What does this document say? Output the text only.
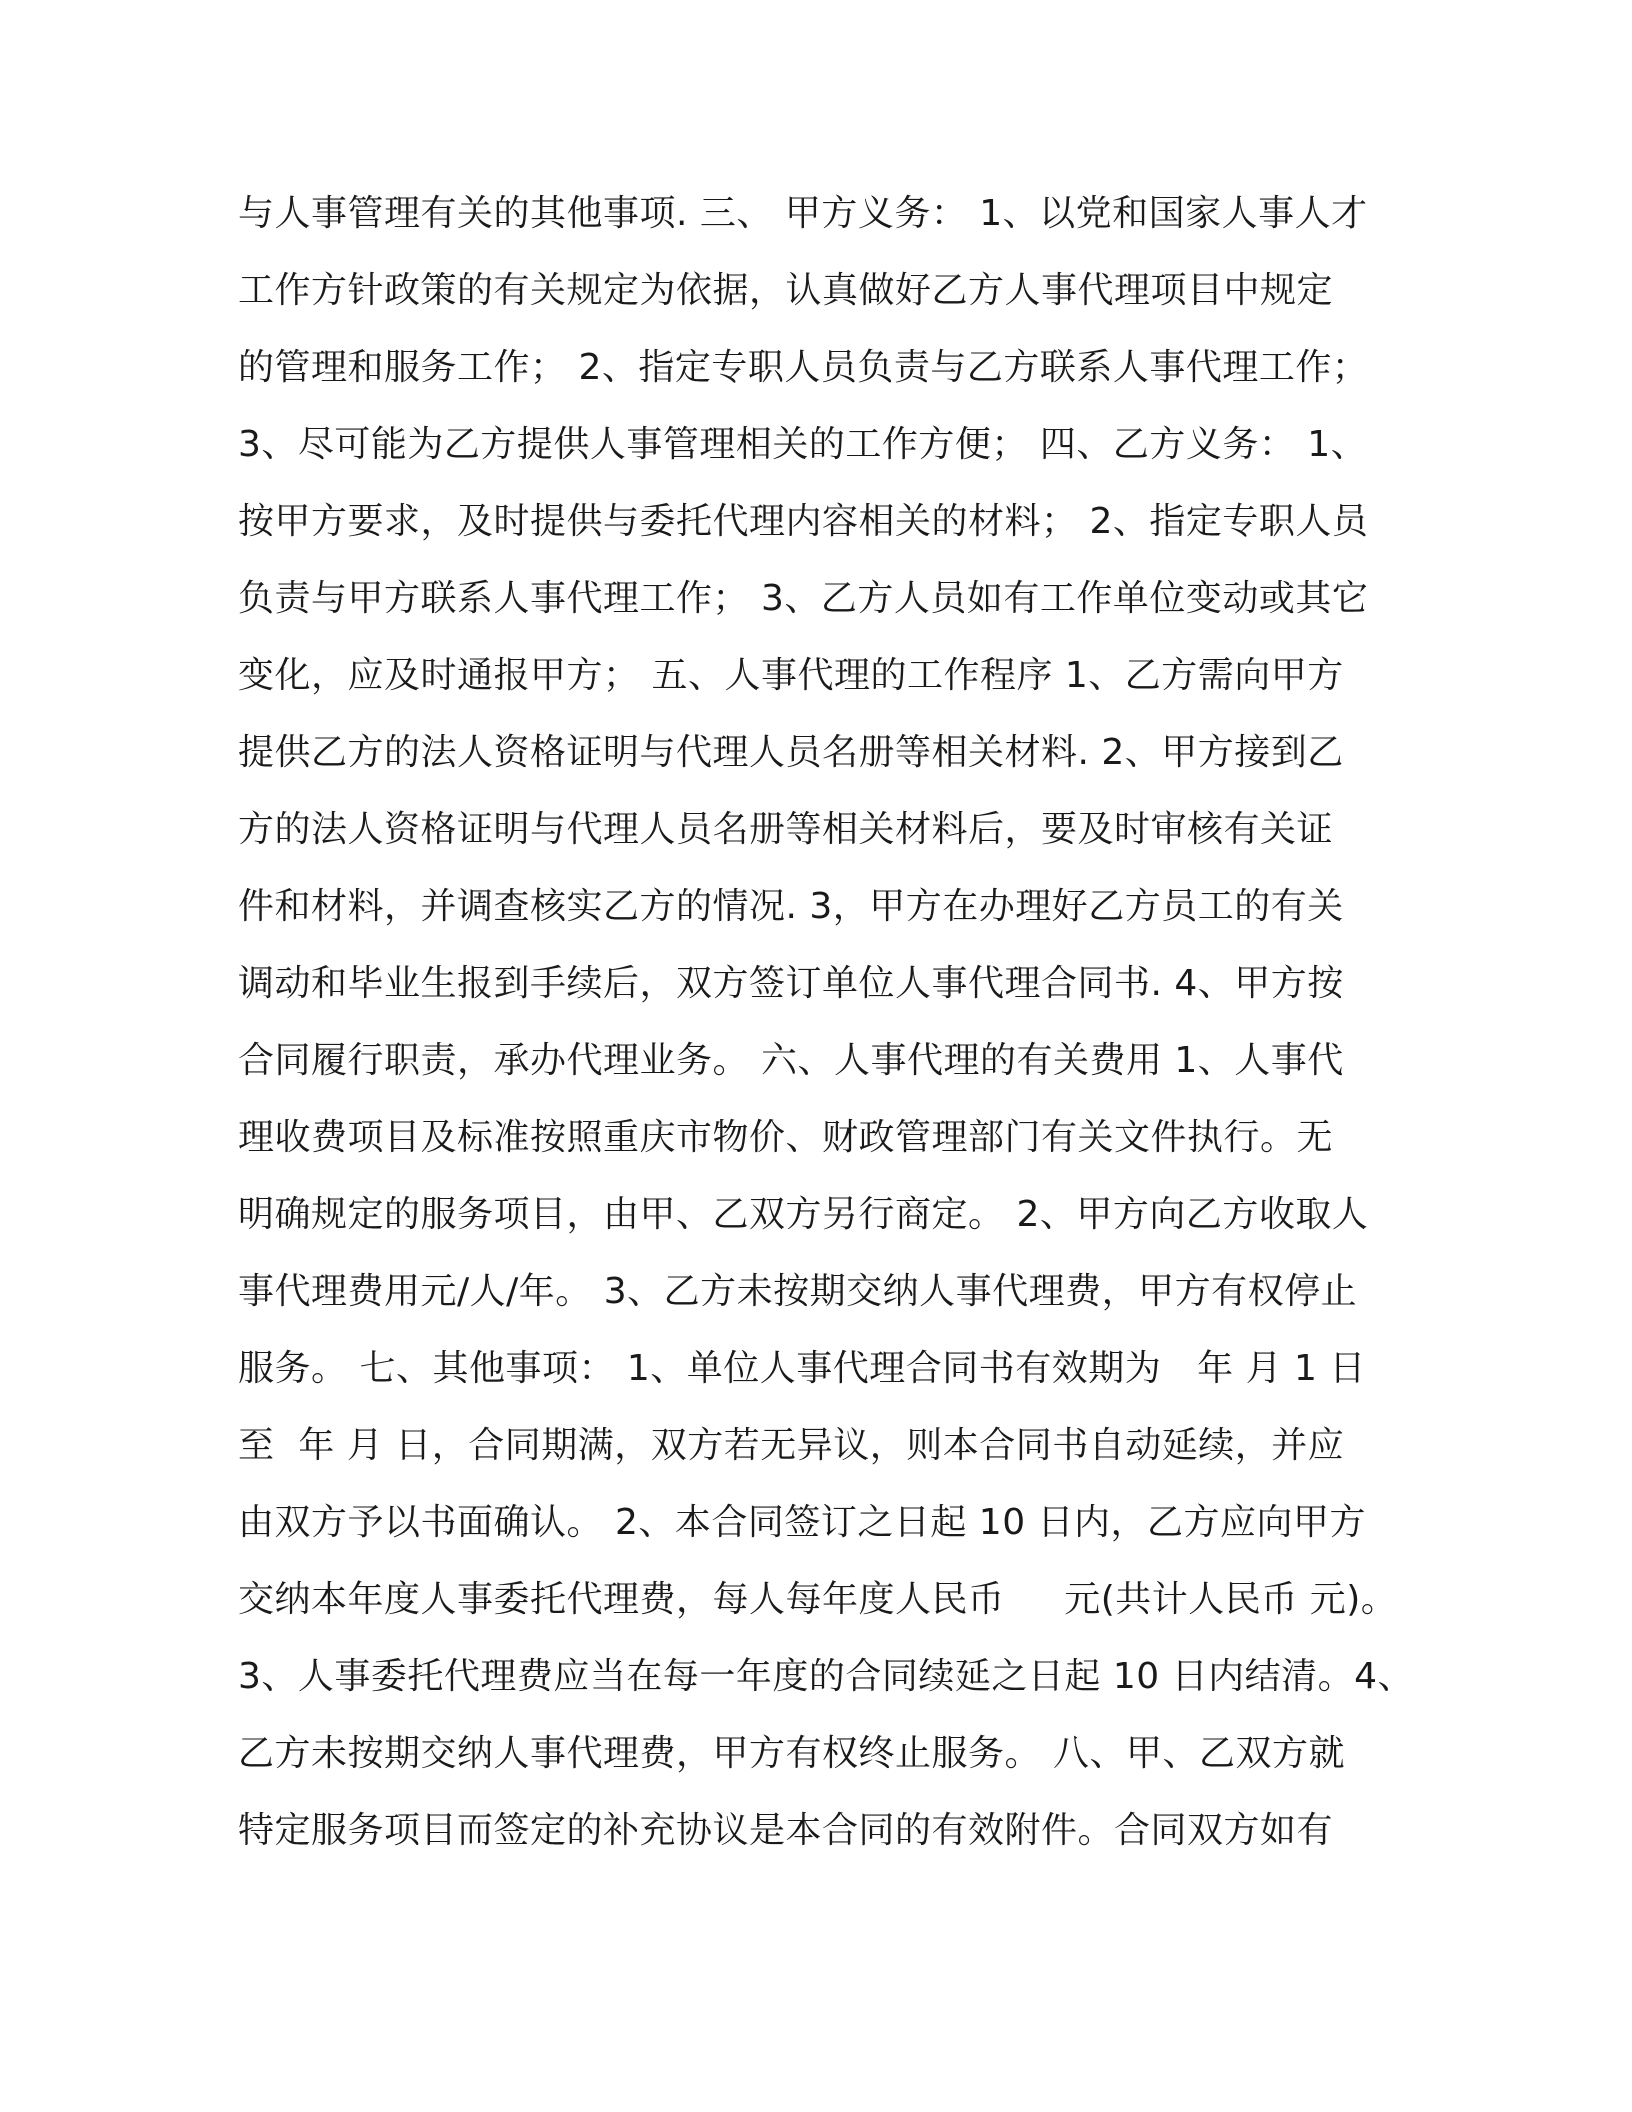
与人事管理有关的其他事项. 三、 甲方义务： 1、以党和国家人事人才
工作方针政策的有关规定为依据，认真做好乙方人事代理项目中规定
的管理和服务工作； 2、指定专职人员负责与乙方联系人事代理工作；
3、尽可能为乙方提供人事管理相关的工作方便； 四、乙方义务： 1、
按甲方要求，及时提供与委托代理内容相关的材料； 2、指定专职人员
负责与甲方联系人事代理工作； 3、乙方人员如有工作单位变动或其它
变化，应及时通报甲方； 五、人事代理的工作程序 1、乙方需向甲方
提供乙方的法人资格证明与代理人员名册等相关材料. 2、甲方接到乙
方的法人资格证明与代理人员名册等相关材料后，要及时审核有关证
件和材料，并调查核实乙方的情况. 3，甲方在办理好乙方员工的有关
调动和毕业生报到手续后，双方签订单位人事代理合同书. 4、甲方按
合同履行职责，承办代理业务。 六、人事代理的有关费用 1、人事代
理收费项目及标准按照重庆市物价、财政管理部门有关文件执行。无
明确规定的服务项目，由甲、乙双方另行商定。 2、甲方向乙方收取人
事代理费用元/人/年。 3、乙方未按期交纳人事代理费，甲方有权停止
服务。 七、其他事项： 1、单位人事代理合同书有效期为   年 月 1 日
至  年 月 日，合同期满，双方若无异议，则本合同书自动延续，并应
由双方予以书面确认。 2、本合同签订之日起 10 日内，乙方应向甲方
交纳本年度人事委托代理费，每人每年度人民币     元(共计人民币 元)。
3、人事委托代理费应当在每一年度的合同续延之日起 10 日内结清。4、
乙方未按期交纳人事代理费，甲方有权终止服务。 八、甲、乙双方就
特定服务项目而签定的补充协议是本合同的有效附件。合同双方如有
